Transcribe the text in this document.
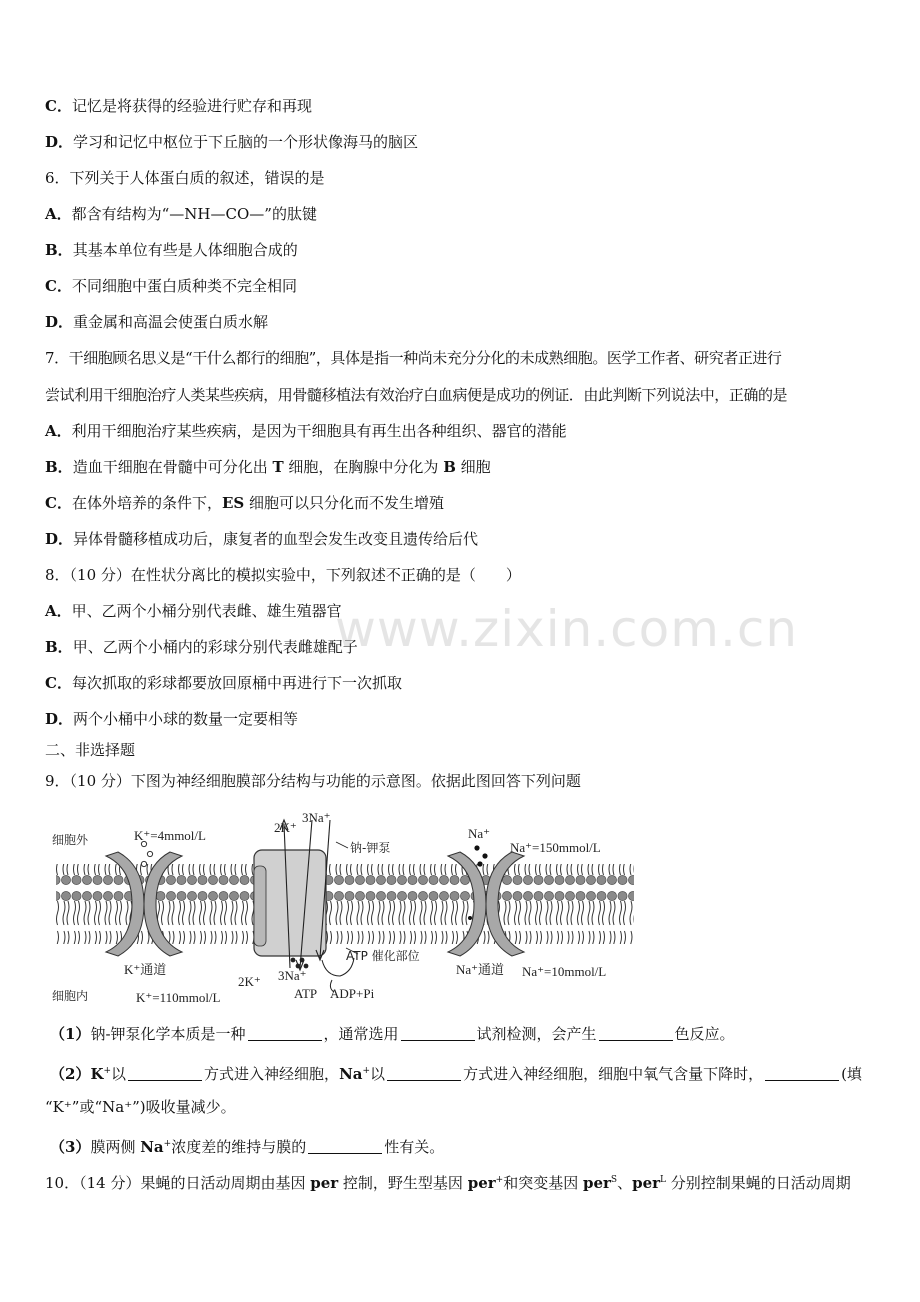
www.zixin.com.cn
C．记忆是将获得的经验进行贮存和再现
D．学习和记忆中枢位于下丘脑的一个形状像海马的脑区
6．下列关于人体蛋白质的叙述，错误的是
A．都含有结构为“—NH—CO—”的肽键
B．其基本单位有些是人体细胞合成的
C．不同细胞中蛋白质种类不完全相同
D．重金属和高温会使蛋白质水解
7．干细胞顾名思义是“干什么都行的细胞”，具体是指一种尚未充分分化的未成熟细胞。医学工作者、研究者正进行
尝试利用干细胞治疗人类某些疾病，用骨髓移植法有效治疗白血病便是成功的例证．由此判断下列说法中，正确的是
A．利用干细胞治疗某些疾病，是因为干细胞具有再生出各种组织、器官的潜能
B．造血干细胞在骨髓中可分化出 T 细胞，在胸腺中分化为 B 细胞
C．在体外培养的条件下，ES 细胞可以只分化而不发生增殖
D．异体骨髓移植成功后，康复者的血型会发生改变且遗传给后代
8．（10 分）在性状分离比的模拟实验中，下列叙述不正确的是（　　）
A．甲、乙两个小桶分别代表雌、雄生殖器官
B．甲、乙两个小桶内的彩球分别代表雌雄配子
C．每次抓取的彩球都要放回原桶中再进行下一次抓取
D．两个小桶中小球的数量一定要相等
二、非选择题
9．（10 分）下图为神经细胞膜部分结构与功能的示意图。依据此图回答下列问题
细胞外
细胞内
K⁺=4mmol/L
K⁺=110mmol/L
Na⁺=150mmol/L
Na⁺=10mmol/L
K⁺通道	Na⁺通道
钠-钾泵
2K⁺
3Na⁺
2K⁺ 3Na⁺
Na⁺
ATP 催化部位
ATP ADP+Pi
（1）钠-钾泵化学本质是一种	，通常选用	试剂检测，会产生	色反应。
（2）K+以	方式进入神经细胞，Na+以	方式进入神经细胞，细胞中氧气含量下降时，	(填
“K⁺”或“Na⁺”)吸收量减少。
（3）膜两侧 Na+浓度差的维持与膜的	性有关。
10．（14 分）果蝇的日活动周期由基因 per 控制，野生型基因 per+和突变基因 per$^S$、per$^L$ 分别控制果蝇的日活动周期
